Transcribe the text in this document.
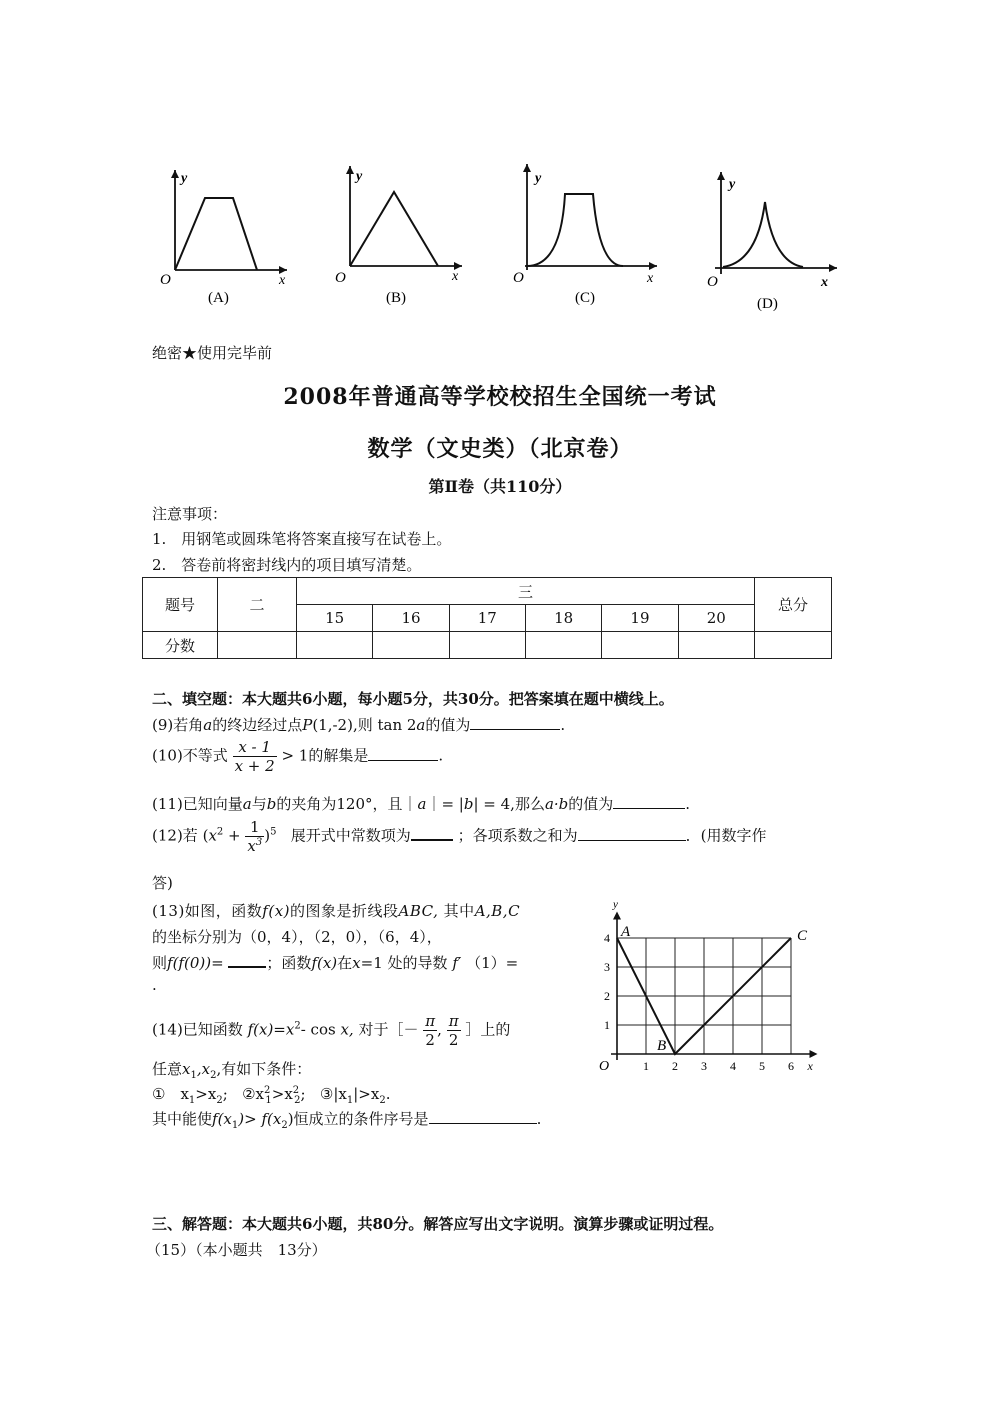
y
O	x
(A)
y
O	x
(B)
y
O	x
(C)
y
O	x
(D)
绝密★使用完毕前
2008年普通高等学校校招生全国统一考试
数学（文史类）（北京卷）
第Ⅱ卷（共110分）
注意事项：
1.　用钢笔或圆珠笔将答案直接写在试卷上。
2.　答卷前将密封线内的项目填写清楚。
题号	二	三						总分
		15	16	17	18	19	20	
分数								
二、填空题：本大题共6小题，每小题5分，共30分。把答案填在题中横线上。
(9)若角a的终边经过点P(1,-2),则 tan 2a的值为	.
(10)不等式 $\frac{x - 1}{x + 2} > 1$的解集是	.
(11)已知向量a与b的夹角为120°，且｜a｜= |b| = 4,那么a·b的值为	.
(12)若 $(x^2 + \frac{1}{x^3} )^5$ 展开式中常数项为	；各项系数之和为	．(用数字作
答)
(13)如图，函数f(x)的图象是折线段ABC, 其中A,B,C
的坐标分别为（0，4），（2，0），（6，4），
则f(f(0))=	；函数f(x)在x=1 处的导数 f′ （1）=
.
(14)已知函数 $f(x)=x^2-$ cos x, 对于［－ $\frac{\pi}{2}$ , $\frac{\pi}{2}$ ］上的
任意$x_1,x_2$,有如下条件：
①　$x_1>x_2$; $②x^2_1>x^2_2$; $③|x_1|>x_2$.
其中能使$f(x_1)> f(x_2)$恒成立的条件序号是	.
1 2 3 4 5 6
1
2
3
4
O	x
y
A
B
C
三、解答题：本大题共6小题，共80分。解答应写出文字说明。演算步骤或证明过程。
（15）（本小题共　13分）
